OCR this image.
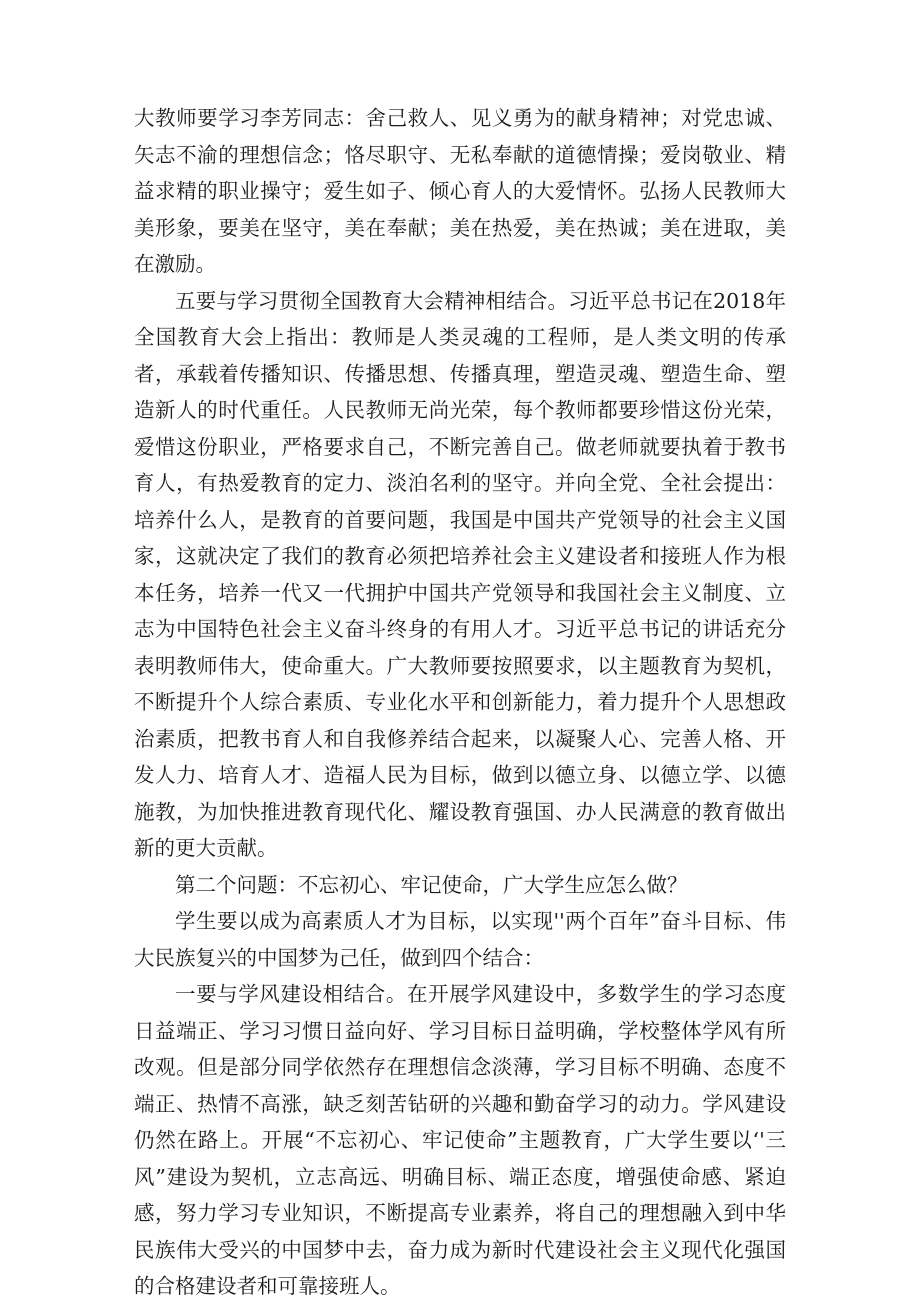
大教师要学习李芳同志：舍己救人、见义勇为的献身精神；对党忠诚、矢志不渝的理想信念；恪尽职守、无私奉献的道德情操；爱岗敬业、精益求精的职业操守；爱生如子、倾心育人的大爱情怀。弘扬人民教师大美形象，要美在坚守，美在奉献；美在热爱，美在热诚；美在进取，美在激励。

五要与学习贯彻全国教育大会精神相结合。习近平总书记在2018年全国教育大会上指出：教师是人类灵魂的工程师，是人类文明的传承者，承载着传播知识、传播思想、传播真理，塑造灵魂、塑造生命、塑造新人的时代重任。人民教师无尚光荣，每个教师都要珍惜这份光荣，爱惜这份职业，严格要求自己，不断完善自己。做老师就要执着于教书育人，有热爱教育的定力、淡泊名利的坚守。并向全党、全社会提出：培养什么人，是教育的首要问题，我国是中国共产党领导的社会主义国家，这就决定了我们的教育必须把培养社会主义建设者和接班人作为根本任务，培养一代又一代拥护中国共产党领导和我国社会主义制度、立志为中国特色社会主义奋斗终身的有用人才。习近平总书记的讲话充分表明教师伟大，使命重大。广大教师要按照要求，以主题教育为契机，不断提升个人综合素质、专业化水平和创新能力，着力提升个人思想政治素质，把教书育人和自我修养结合起来，以凝聚人心、完善人格、开发人力、培育人才、造福人民为目标，做到以德立身、以德立学、以德施教，为加快推进教育现代化、耀设教育强国、办人民满意的教育做出新的更大贡献。

第二个问题：不忘初心、牢记使命，广大学生应怎么做？

学生要以成为高素质人才为目标，以实现''两个百年”奋斗目标、伟大民族复兴的中国梦为己任，做到四个结合：

一要与学风建设相结合。在开展学风建设中，多数学生的学习态度日益端正、学习习惯日益向好、学习目标日益明确，学校整体学风有所改观。但是部分同学依然存在理想信念淡薄，学习目标不明确、态度不端正、热情不高涨，缺乏刻苦钻研的兴趣和勤奋学习的动力。学风建设仍然在路上。开展“不忘初心、牢记使命”主题教育，广大学生要以‘'三风”建设为契机，立志高远、明确目标、端正态度，增强使命感、紧迫感，努力学习专业知识，不断提高专业素养，将自己的理想融入到中华民族伟大受兴的中国梦中去，奋力成为新时代建设社会主义现代化强国的合格建设者和可靠接班人。
